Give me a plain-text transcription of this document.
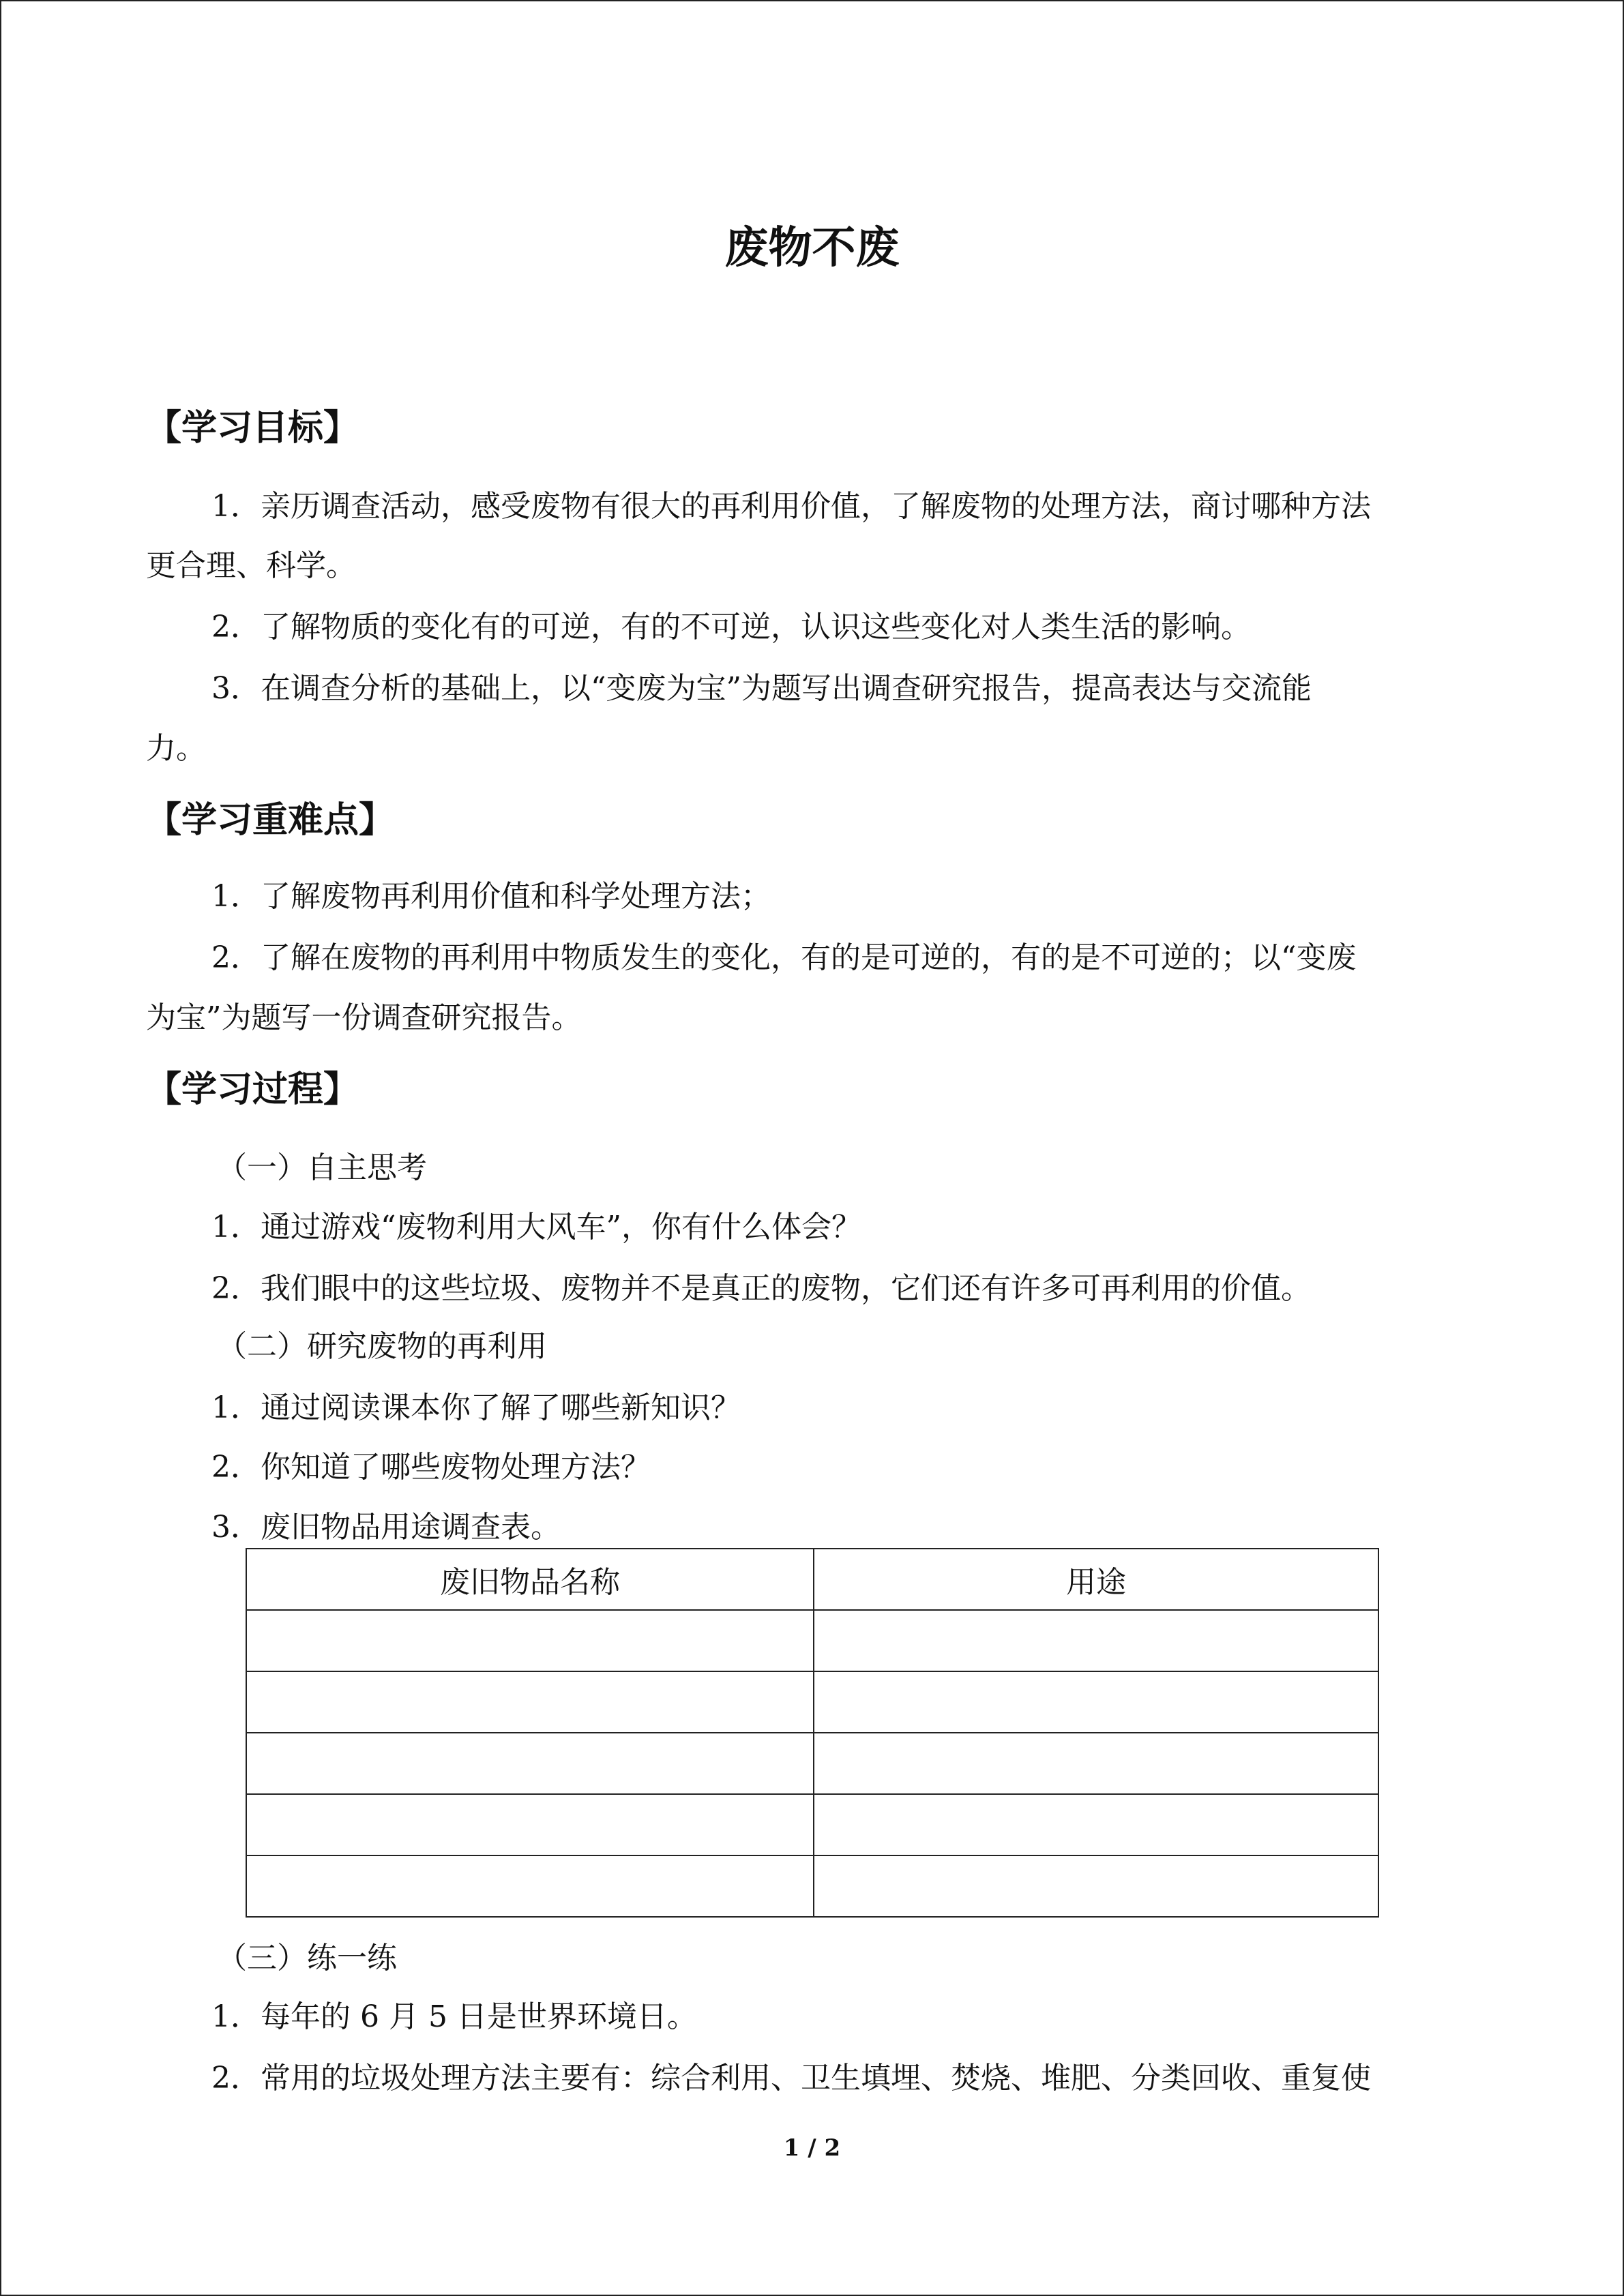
废物不废
【学习目标】
1．亲历调查活动，感受废物有很大的再利用价值，了解废物的处理方法，商讨哪种方法
更合理、科学。
2．了解物质的变化有的可逆，有的不可逆，认识这些变化对人类生活的影响。
3．在调查分析的基础上，以“变废为宝”为题写出调查研究报告，提高表达与交流能
力。
【学习重难点】
1．了解废物再利用价值和科学处理方法；
2．了解在废物的再利用中物质发生的变化，有的是可逆的，有的是不可逆的；以“变废
为宝”为题写一份调查研究报告。
【学习过程】
（一）自主思考
1．通过游戏“废物利用大风车”，你有什么体会？
2．我们眼中的这些垃圾、废物并不是真正的废物，它们还有许多可再利用的价值。
（二）研究废物的再利用
1．通过阅读课本你了解了哪些新知识？
2．你知道了哪些废物处理方法？
3．废旧物品用途调查表。
废旧物品名称	用途

（三）练一练
1．每年的 6 月 5 日是世界环境日。
2．常用的垃圾处理方法主要有：综合利用、卫生填埋、焚烧、堆肥、分类回收、重复使
1 / 2
